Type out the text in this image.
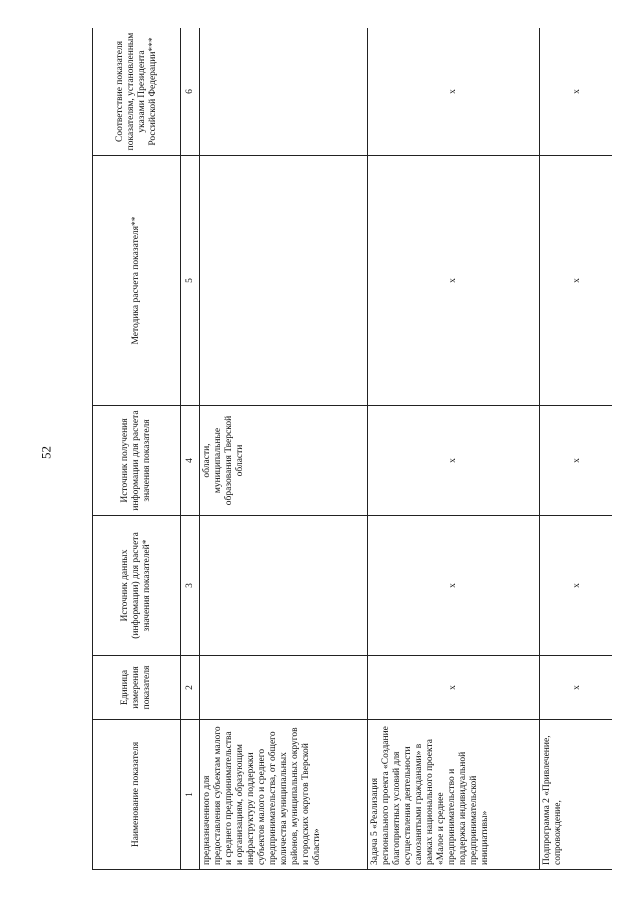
52
Наименование показателя	Единица измерения показателя	Источник данных (информации) для расчета значения показателей*	Источник получения информации для расчета значения показателя	Методика расчета показателя**	Соответствие показателя показателям, установленным указами Президента Российской Федерации***
1	2	3	4	5	6
предназначенного для предоставления субъектам малого и среднего предпринимательства и организациям, образующим инфраструктуру поддержки субъектов малого и среднего предпринимательства, от общего количества муниципальных районов, муниципальных округов и городских округов Тверской области»			области, муниципальные образования Тверской области		
Задача 5 «Реализация регионального проекта «Создание благоприятных условий для осуществления деятельности самозанятыми гражданами» в рамках национального проекта «Малое и среднее предпринимательство и поддержка индивидуальной предпринимательской инициативы»	х	х	х	х	х
Подпрограмма 2 «Привлечение, сопровождение,	х	х	х	х	х
